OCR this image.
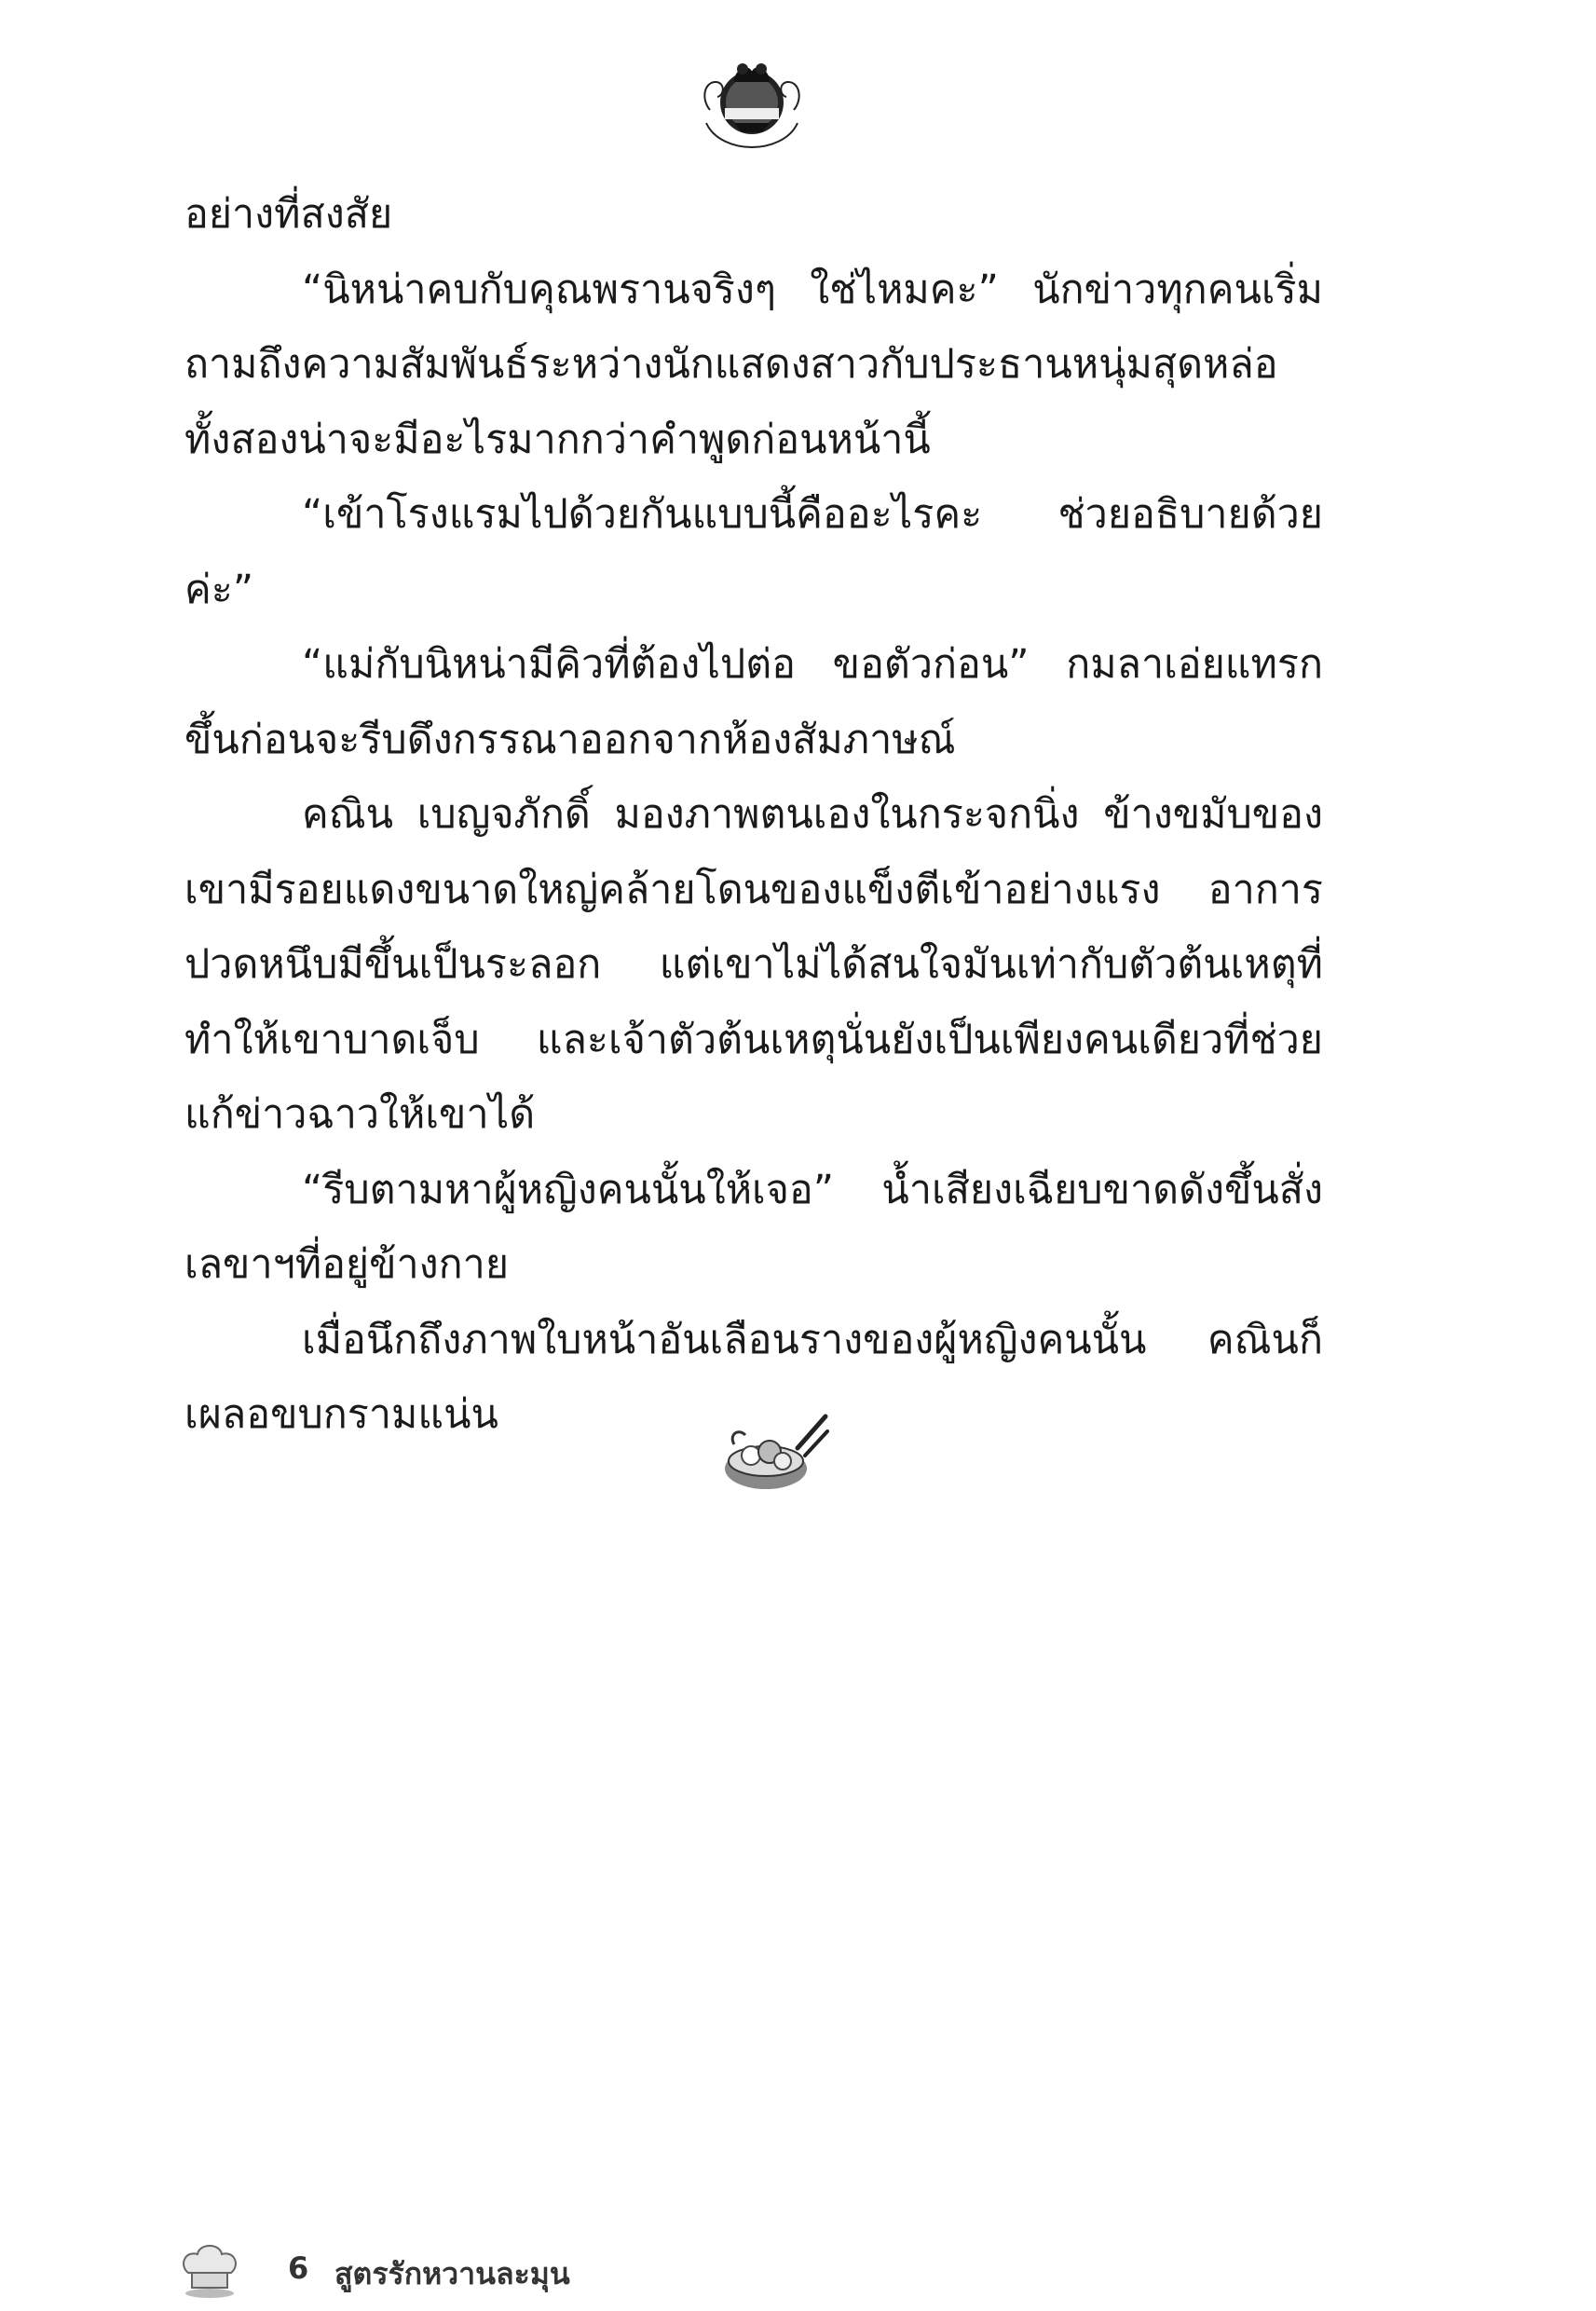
อย่างที่สงสัย

“นิหน่าคบกับคุณพรานจริงๆ ใช่ไหมคะ” นักข่าวทุกคนเริ่มถามถึงความสัมพันธ์ระหว่างนักแสดงสาวกับประธานหนุ่มสุดหล่อ ทั้งสองน่าจะมีอะไรมากกว่าคำพูดก่อนหน้านี้

“เข้าโรงแรมไปด้วยกันแบบนี้คืออะไรคะ ช่วยอธิบายด้วยค่ะ”

“แม่กับนิหน่ามีคิวที่ต้องไปต่อ ขอตัวก่อน” กมลาเอ่ยแทรกขึ้นก่อนจะรีบดึงกรรณาออกจากห้องสัมภาษณ์

คณิน เบญจภักดิ์ มองภาพตนเองในกระจกนิ่ง ข้างขมับของเขามีรอยแดงขนาดใหญ่คล้ายโดนของแข็งตีเข้าอย่างแรง อาการปวดหนึบมีขึ้นเป็นระลอก แต่เขาไม่ได้สนใจมันเท่ากับตัวต้นเหตุที่ทำให้เขาบาดเจ็บ และเจ้าตัวต้นเหตุนั่นยังเป็นเพียงคนเดียวที่ช่วยแก้ข่าวฉาวให้เขาได้

“รีบตามหาผู้หญิงคนนั้นให้เจอ” น้ำเสียงเฉียบขาดดังขึ้นสั่งเลขาฯที่อยู่ข้างกาย

เมื่อนึกถึงภาพใบหน้าอันเลือนรางของผู้หญิงคนนั้น คณินก็เผลอขบกรามแน่น

6 สูตรรักหวานละมุน
